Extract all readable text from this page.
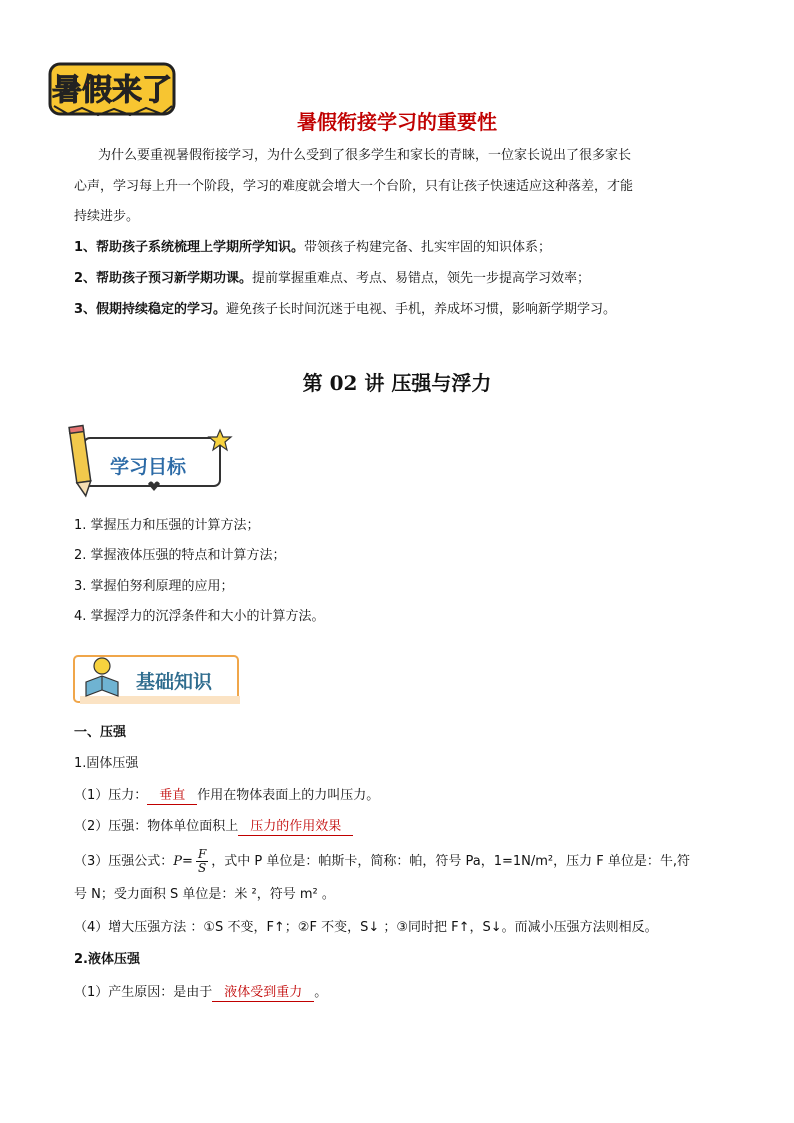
暑假来了
暑假衔接学习的重要性
为什么要重视暑假衔接学习，为什么受到了很多学生和家长的青睐，一位家长说出了很多家长
心声，学习每上升一个阶段，学习的难度就会增大一个台阶，只有让孩子快速适应这种落差，才能
持续进步。
1、帮助孩子系统梳理上学期所学知识。带领孩子构建完备、扎实牢固的知识体系；
2、帮助孩子预习新学期功课。提前掌握重难点、考点、易错点，领先一步提高学习效率；
3、假期持续稳定的学习。避免孩子长时间沉迷于电视、手机，养成坏习惯，影响新学期学习。
第 02 讲 压强与浮力
学习目标
1. 掌握压力和压强的计算方法；
2. 掌握液体压强的特点和计算方法；
3. 掌握伯努利原理的应用；
4. 掌握浮力的沉浮条件和大小的计算方法。
基础知识
一、压强
1.固体压强
（1）压力： 垂直 作用在物体表面上的力叫压力。
（2）压强：物体单位面积上 压力的作用效果
（3）压强公式：$P= \frac{F}{S}$ ，式中 P 单位是：帕斯卡，简称：帕，符号 Pa，1=1N/m²，压力 F 单位是：牛,符
号 N；受力面积 S 单位是：米 ²，符号 m² 。
（4）增大压强方法 ：①S 不变，F↑；②F 不变，S↓ ；③同时把 F↑，S↓。而减小压强方法则相反。
2.液体压强
（1）产生原因：是由于 液体受到重力 。
